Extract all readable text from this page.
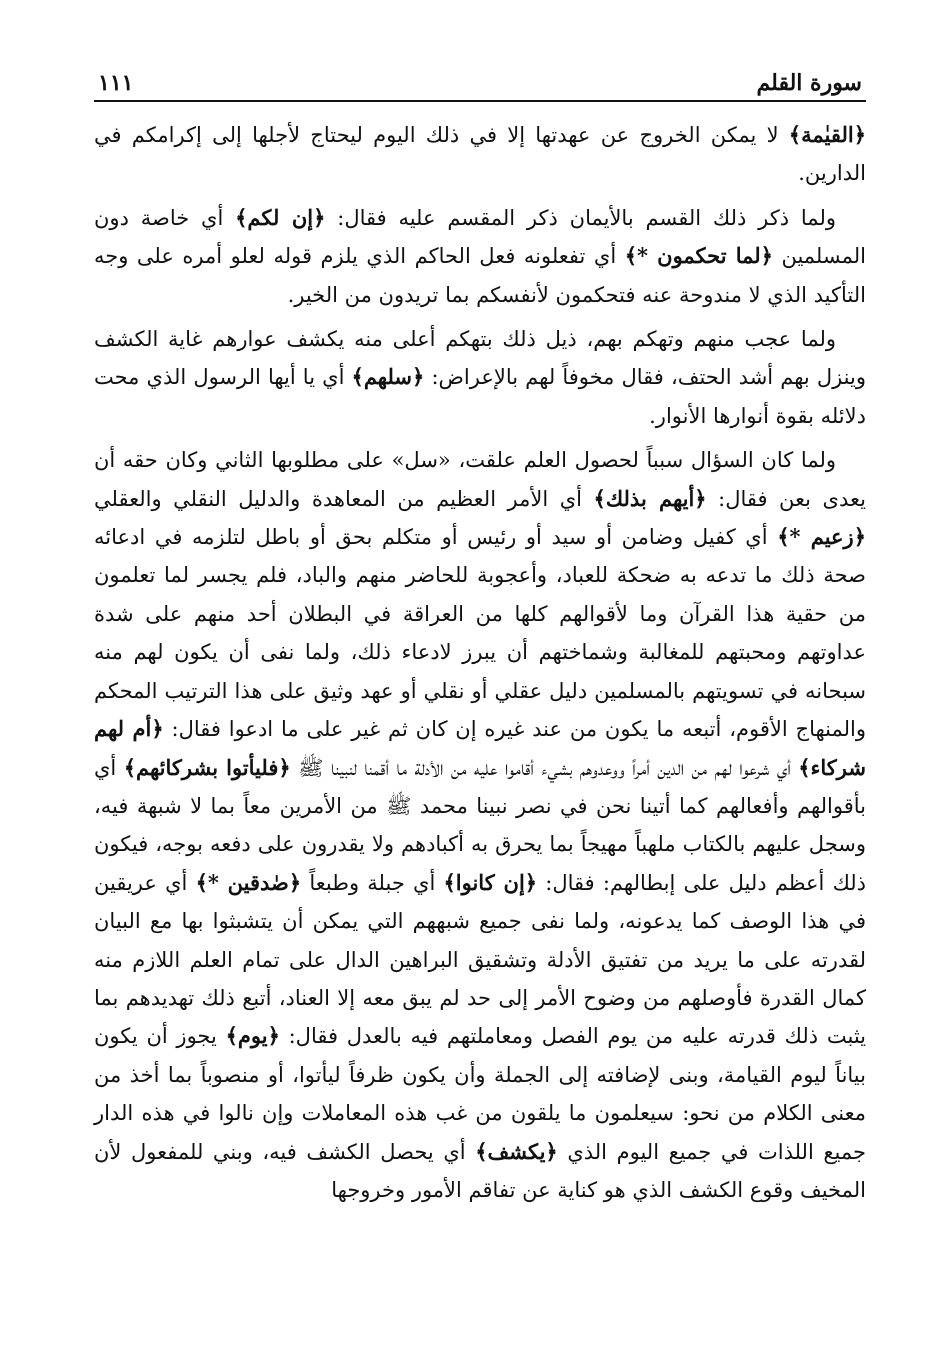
سورة القلم
١١١

﴿القيٰمة﴾ لا يمكن الخروج عن عهدتها إلا في ذلك اليوم ليحتاج لأجلها إلى إكرامكم في الدارين.

ولما ذكر ذلك القسم بالأيمان ذكر المقسم عليه فقال: ﴿إن لكم﴾ أي خاصة دون المسلمين ﴿لما تحكمون *﴾ أي تفعلونه فعل الحاكم الذي يلزم قوله لعلو أمره على وجه التأكيد الذي لا مندوحة عنه فتحكمون لأنفسكم بما تريدون من الخير.

ولما عجب منهم وتهكم بهم، ذيل ذلك بتهكم أعلى منه يكشف عوارهم غاية الكشف وينزل بهم أشد الحتف، فقال مخوفاً لهم بالإعراض: ﴿سلهم﴾ أي يا أيها الرسول الذي محت دلائله بقوة أنوارها الأنوار.

ولما كان السؤال سبباً لحصول العلم علقت، «سل» على مطلوبها الثاني وكان حقه أن يعدى بعن فقال: ﴿أيهم بذلك﴾ أي الأمر العظيم من المعاهدة والدليل النقلي والعقلي ﴿زعيم *﴾ أي كفيل وضامن أو سيد أو رئيس أو متكلم بحق أو باطل لتلزمه في ادعائه صحة ذلك ما تدعه به ضحكة للعباد، وأعجوبة للحاضر منهم والباد، فلم يجسر لما تعلمون من حقية هذا القرآن وما لأقوالهم كلها من العراقة في البطلان أحد منهم على شدة عداوتهم ومحبتهم للمغالبة وشماختهم أن يبرز لادعاء ذلك، ولما نفى أن يكون لهم منه سبحانه في تسويتهم بالمسلمين دليل عقلي أو نقلي أو عهد وثيق على هذا الترتيب المحكم والمنهاج الأقوم، أتبعه ما يكون من عند غيره إن كان ثم غير على ما ادعوا فقال: ﴿أم لهم شركاء﴾ أي شرعوا لهم من الدين أمراً ووعدوهم بشيء أقاموا عليه من الأدلة ما أقمنا لنبينا ﷺ ﴿فليأتوا بشركائهم﴾ أي بأقوالهم وأفعالهم كما أتينا نحن في نصر نبينا محمد ﷺ من الأمرين معاً بما لا شبهة فيه، وسجل عليهم بالكتاب ملهباً مهيجاً بما يحرق به أكبادهم ولا يقدرون على دفعه بوجه، فيكون ذلك أعظم دليل على إبطالهم: فقال: ﴿إن كانوا﴾ أي جبلة وطبعاً ﴿صٰدقين *﴾ أي عريقين في هذا الوصف كما يدعونه، ولما نفى جميع شبههم التي يمكن أن يتشبثوا بها مع البيان لقدرته على ما يريد من تفتيق الأدلة وتشقيق البراهين الدال على تمام العلم اللازم منه كمال القدرة فأوصلهم من وضوح الأمر إلى حد لم يبق معه إلا العناد، أتبع ذلك تهديدهم بما يثبت ذلك قدرته عليه من يوم الفصل ومعاملتهم فيه بالعدل فقال: ﴿يوم﴾ يجوز أن يكون بياناً ليوم القيامة، وبنى لإضافته إلى الجملة وأن يكون ظرفاً ليأتوا، أو منصوباً بما أخذ من معنى الكلام من نحو: سيعلمون ما يلقون من غب هذه المعاملات وإن نالوا في هذه الدار جميع اللذات في جميع اليوم الذي ﴿يكشف﴾ أي يحصل الكشف فيه، وبني للمفعول لأن المخيف وقوع الكشف الذي هو كناية عن تفاقم الأمور وخروجها
